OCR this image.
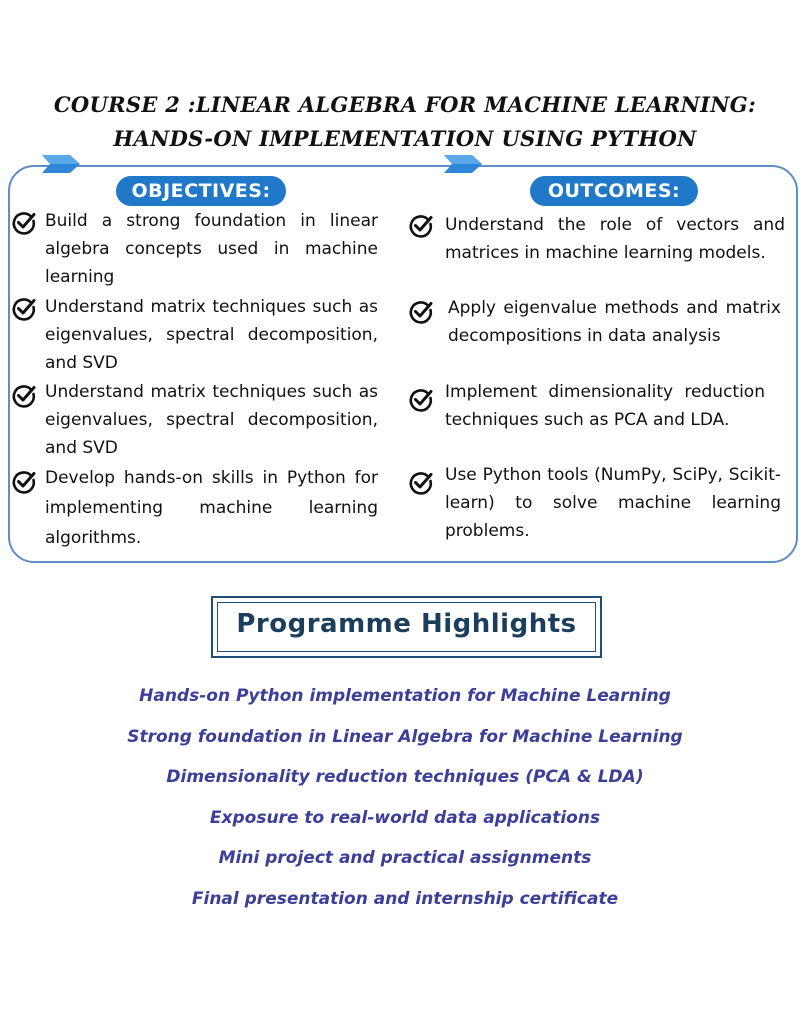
COURSE 2 :LINEAR ALGEBRA FOR MACHINE LEARNING:
HANDS-ON IMPLEMENTATION USING PYTHON
OBJECTIVES:	OUTCOMES:
Build a strong foundation in linear algebra concepts used in machine learning
Understand matrix techniques such as eigenvalues, spectral decomposition, and SVD
Understand matrix techniques such as eigenvalues, spectral decomposition, and SVD
Develop hands-on skills in Python for implementing machine learning algorithms.
Understand the role of vectors and matrices in machine learning models.
Apply eigenvalue methods and matrix decompositions in data analysis
Implement dimensionality reduction techniques such as PCA and LDA.
Use Python tools (NumPy, SciPy, Scikit-learn) to solve machine learning problems.
Programme Highlights
Hands-on Python implementation for Machine Learning
Strong foundation in Linear Algebra for Machine Learning
Dimensionality reduction techniques (PCA & LDA)
Exposure to real-world data applications
Mini project and practical assignments
Final presentation and internship certificate
